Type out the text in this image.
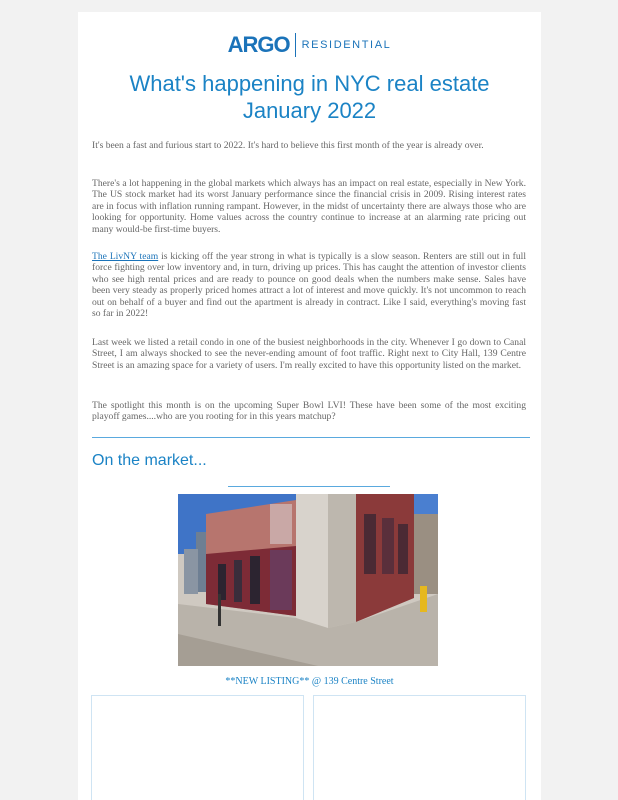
ARGO RESIDENTIAL
What's happening in NYC real estate
January 2022

It's been a fast and furious start to 2022. It's hard to believe this first month of the year is already over.

There's a lot happening in the global markets which always has an impact on real estate, especially in New York. The US stock market had its worst January performance since the financial crisis in 2009. Rising interest rates are in focus with inflation running rampant. However, in the midst of uncertainty there are always those who are looking for opportunity. Home values across the country continue to increase at an alarming rate pricing out many would-be first-time buyers.

The LivNY team is kicking off the year strong in what is typically is a slow season. Renters are still out in full force fighting over low inventory and, in turn, driving up prices. This has caught the attention of investor clients who see high rental prices and are ready to pounce on good deals when the numbers make sense. Sales have been very steady as properly priced homes attract a lot of interest and move quickly. It's not uncommon to reach out on behalf of a buyer and find out the apartment is already in contract. Like I said, everything's moving fast so far in 2022!

Last week we listed a retail condo in one of the busiest neighborhoods in the city. Whenever I go down to Canal Street, I am always shocked to see the never-ending amount of foot traffic. Right next to City Hall, 139 Centre Street is an amazing space for a variety of users. I'm really excited to have this opportunity listed on the market.

The spotlight this month is on the upcoming Super Bowl LVI! These have been some of the most exciting playoff games....who are you rooting for in this years matchup?

On the market...

**NEW LISTING** @ 139 Centre Street
